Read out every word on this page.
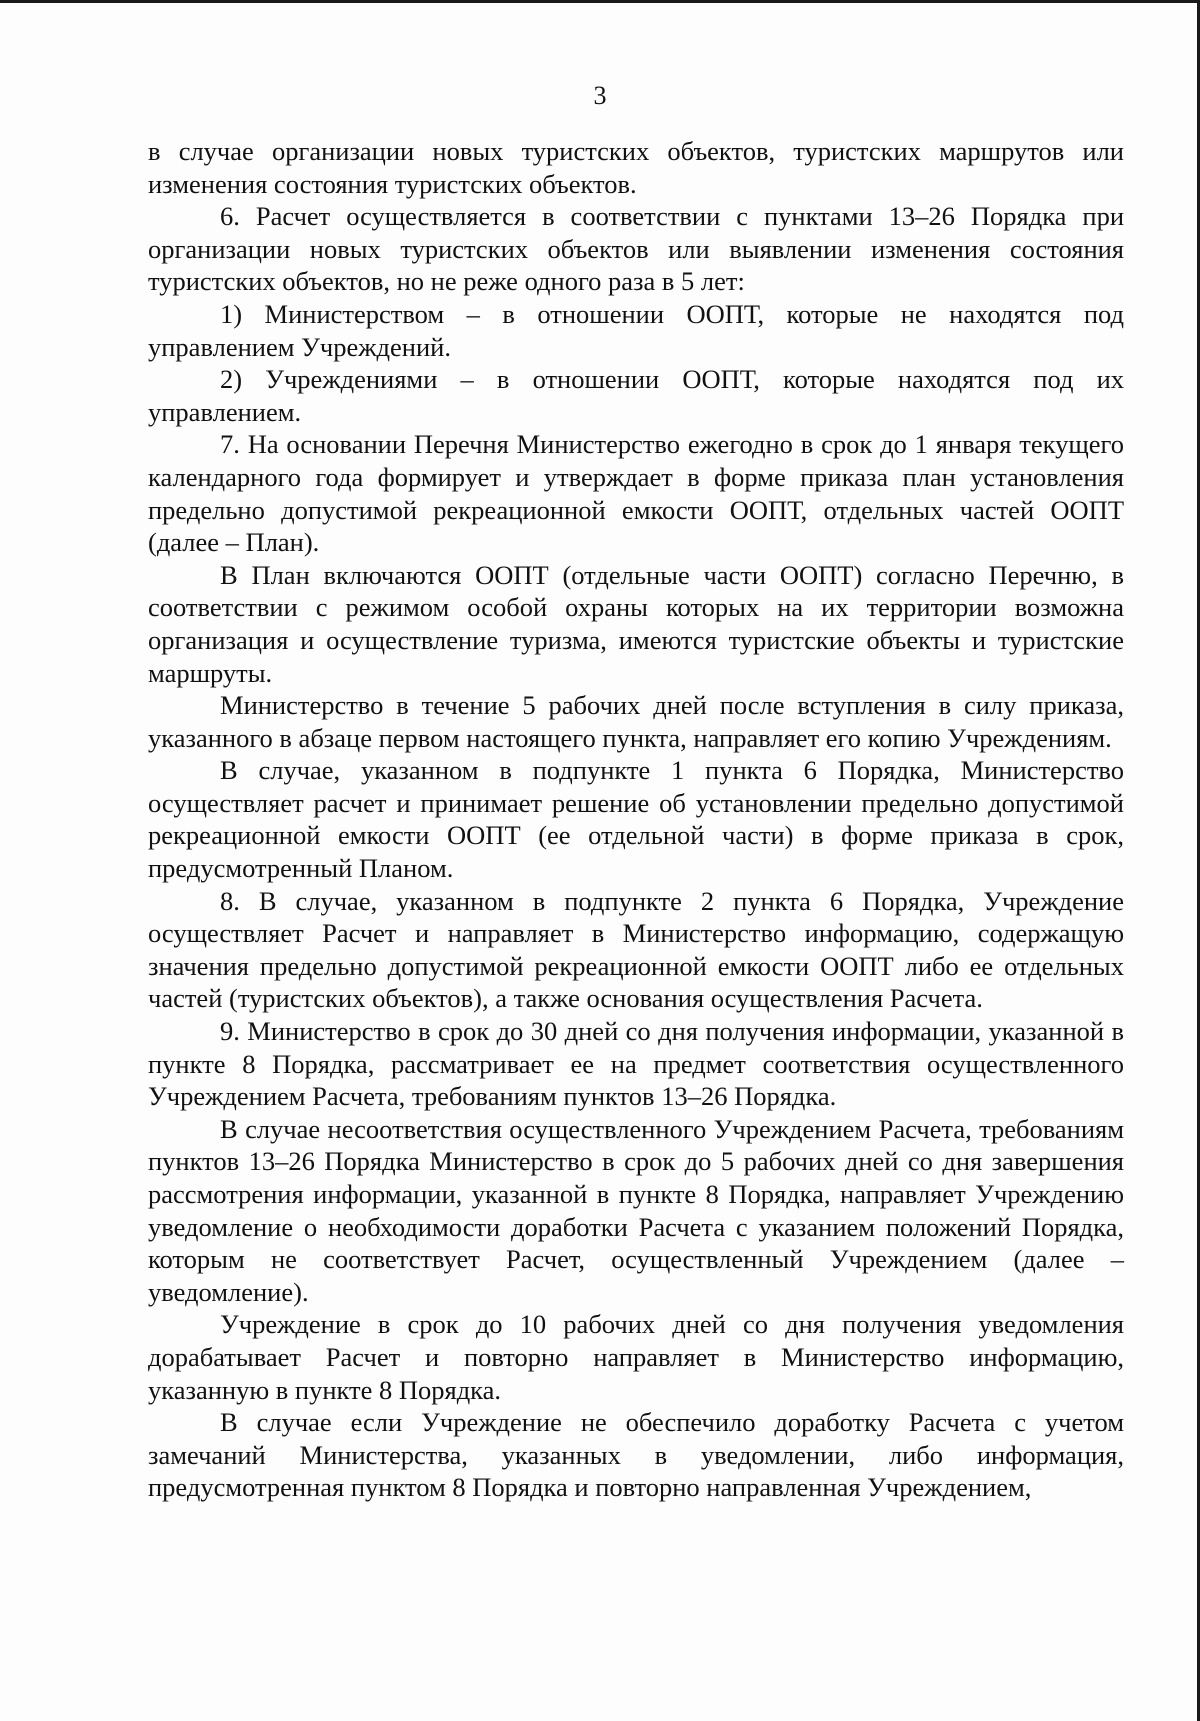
3

в случае организации новых туристских объектов, туристских маршрутов или изменения состояния туристских объектов.

6. Расчет осуществляется в соответствии с пунктами 13–26 Порядка при организации новых туристских объектов или выявлении изменения состояния туристских объектов, но не реже одного раза в 5 лет:

1) Министерством – в отношении ООПТ, которые не находятся под управлением Учреждений.

2) Учреждениями – в отношении ООПТ, которые находятся под их управлением.

7. На основании Перечня Министерство ежегодно в срок до 1 января текущего календарного года формирует и утверждает в форме приказа план установления предельно допустимой рекреационной емкости ООПТ, отдельных частей ООПТ (далее – План).

В План включаются ООПТ (отдельные части ООПТ) согласно Перечню, в соответствии с режимом особой охраны которых на их территории возможна организация и осуществление туризма, имеются туристские объекты и туристские маршруты.

Министерство в течение 5 рабочих дней после вступления в силу приказа, указанного в абзаце первом настоящего пункта, направляет его копию Учреждениям.

В случае, указанном в подпункте 1 пункта 6 Порядка, Министерство осуществляет расчет и принимает решение об установлении предельно допустимой рекреационной емкости ООПТ (ее отдельной части) в форме приказа в срок, предусмотренный Планом.

8. В случае, указанном в подпункте 2 пункта 6 Порядка, Учреждение осуществляет Расчет и направляет в Министерство информацию, содержащую значения предельно допустимой рекреационной емкости ООПТ либо ее отдельных частей (туристских объектов), а также основания осуществления Расчета.

9. Министерство в срок до 30 дней со дня получения информации, указанной в пункте 8 Порядка, рассматривает ее на предмет соответствия осуществленного Учреждением Расчета, требованиям пунктов 13–26 Порядка.

В случае несоответствия осуществленного Учреждением Расчета, требованиям пунктов 13–26 Порядка Министерство в срок до 5 рабочих дней со дня завершения рассмотрения информации, указанной в пункте 8 Порядка, направляет Учреждению уведомление о необходимости доработки Расчета с указанием положений Порядка, которым не соответствует Расчет, осуществленный Учреждением (далее – уведомление).

Учреждение в срок до 10 рабочих дней со дня получения уведомления дорабатывает Расчет и повторно направляет в Министерство информацию, указанную в пункте 8 Порядка.

В случае если Учреждение не обеспечило доработку Расчета с учетом замечаний Министерства, указанных в уведомлении, либо информация, предусмотренная пунктом 8 Порядка и повторно направленная Учреждением,
